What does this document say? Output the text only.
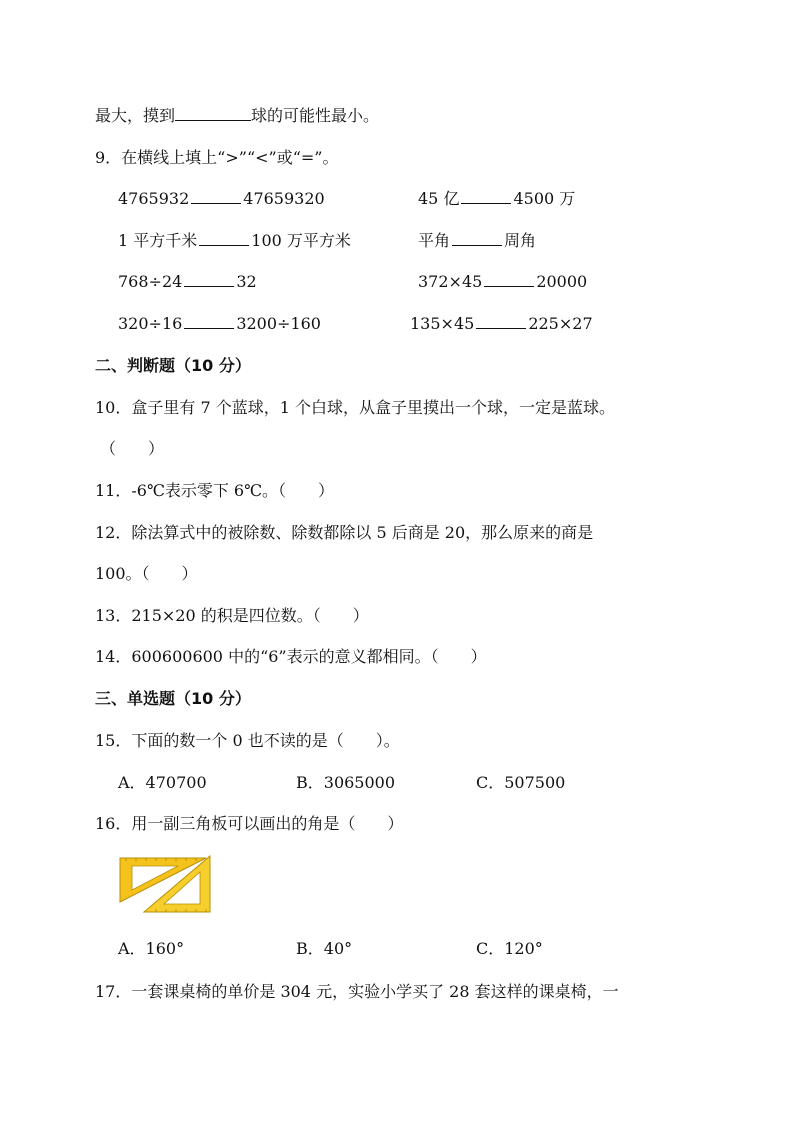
最大，摸到	球的可能性最小。
9．在横线上填上“>”“<”或“=”。
4765932	47659320	45 亿	4500 万
1 平方千米	100 万平方米	平角	周角
768÷24	32	372×45	20000
320÷16	3200÷160	135×45	225×27
二、判断题（10 分）
10．盒子里有 7 个蓝球，1 个白球，从盒子里摸出一个球，一定是蓝球。
（　　）
11．-6℃表示零下 6℃。（　　）
12．除法算式中的被除数、除数都除以 5 后商是 20，那么原来的商是
100。（　　）
13．215×20 的积是四位数。（　　）
14．600600600 中的“6”表示的意义都相同。（　　）
三、单选题（10 分）
15．下面的数一个 0 也不读的是（　　）。
A．470700	B．3065000	C．507500
16．用一副三角板可以画出的角是（　　）
A．160°	B．40°	C．120°
17．一套课桌椅的单价是 304 元，实验小学买了 28 套这样的课桌椅，一
